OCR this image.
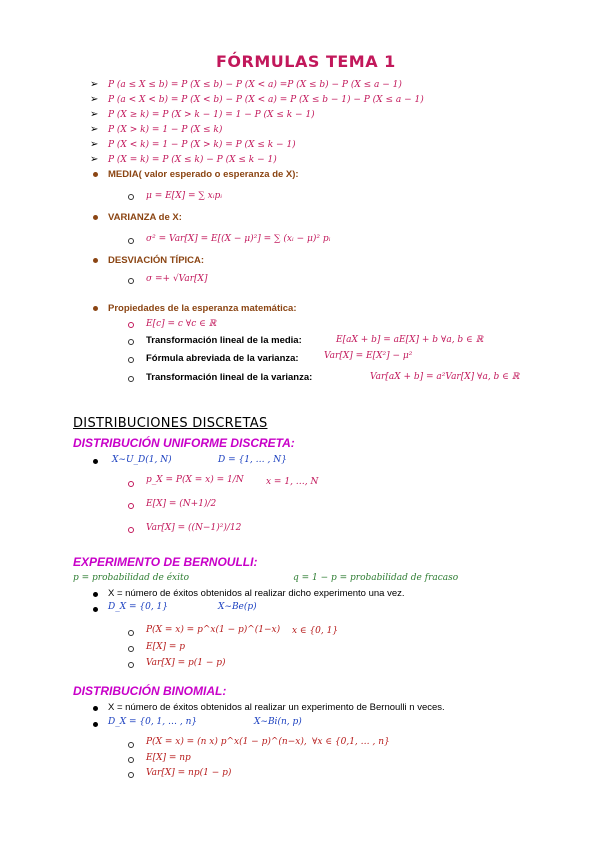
FÓRMULAS TEMA 1
➢ P (a ≤ X ≤ b) = P (X ≤ b) − P (X < a) =P (X ≤ b) − P (X ≤ a − 1)
➢ P (a < X < b) = P (X < b) − P (X < a) = P (X ≤ b − 1) − P (X ≤ a − 1)
➢ P (X ≥ k) = P (X > k − 1) = 1 − P (X ≤ k − 1)
➢ P (X > k) = 1 − P (X ≤ k)
➢ P (X < k) = 1 − P (X > k) = P (X ≤ k − 1)
➢ P (X = k) = P (X ≤ k) − P (X ≤ k − 1)
MEDIA( valor esperado o esperanza de X):
μ = E[X] = ∑ xᵢpᵢ
VARIANZA de X:
σ² = Var[X] = E[(X − μ)²] = ∑ (xᵢ − μ)² pᵢ
DESVIACIÓN TÍPICA:
σ =+ √Var[X]
Propiedades de la esperanza matemática:
E[c] = c ∀c ∈ ℝ
Transformación lineal de la media:	E[aX + b] = aE[X] + b ∀a, b ∈ ℝ
Fórmula abreviada de la varianza:	Var[X] = E[X²] − μ²
Transformación lineal de la varianza:	Var[aX + b] = a²Var[X] ∀a, b ∈ ℝ
DISTRIBUCIONES DISCRETAS
DISTRIBUCIÓN UNIFORME DISCRETA:
X∼U_D(1, N)	D = {1, … , N}
p_X = P(X = x) = 1/N x = 1, …, N
E[X] = (N+1)/2
Var[X] = ((N−1)²)/12
EXPERIMENTO DE BERNOULLI:
p = probabilidad de éxito	q = 1 − p = probabilidad de fracaso
X = número de éxitos obtenidos al realizar dicho experimento una vez.
D_X = {0, 1}	X∼Be(p)
P(X = x) = p^x(1 − p)^(1−x) x ∈ {0, 1}
E[X] = p
Var[X] = p(1 − p)
DISTRIBUCIÓN BINOMIAL:
X = número de éxitos obtenidos al realizar un experimento de Bernoulli n veces.
D_X = {0, 1, … , n}	X∼Bi(n, p)
P(X = x) = (n x) p^x(1 − p)^(n−x), ∀x ∈ {0,1, … , n}
E[X] = np
Var[X] = np(1 − p)
